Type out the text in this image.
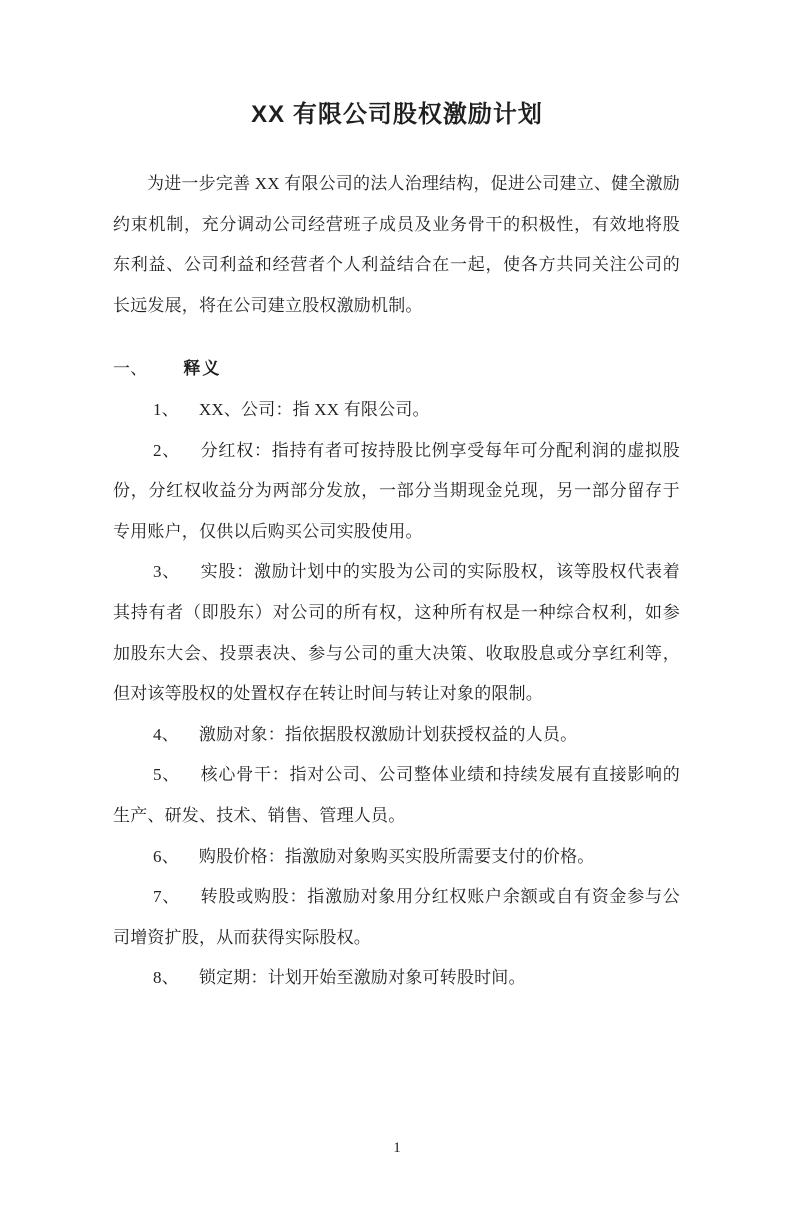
XX 有限公司股权激励计划

为进一步完善 XX 有限公司的法人治理结构，促进公司建立、健全激励约束机制，充分调动公司经营班子成员及业务骨干的积极性，有效地将股东利益、公司利益和经营者个人利益结合在一起，使各方共同关注公司的长远发展，将在公司建立股权激励机制。

一、 释义

1、 XX、公司：指 XX 有限公司。

2、 分红权：指持有者可按持股比例享受每年可分配利润的虚拟股份，分红权收益分为两部分发放，一部分当期现金兑现，另一部分留存于专用账户，仅供以后购买公司实股使用。

3、 实股：激励计划中的实股为公司的实际股权，该等股权代表着其持有者（即股东）对公司的所有权，这种所有权是一种综合权利，如参加股东大会、投票表决、参与公司的重大决策、收取股息或分享红利等，但对该等股权的处置权存在转让时间与转让对象的限制。

4、 激励对象：指依据股权激励计划获授权益的人员。

5、 核心骨干：指对公司、公司整体业绩和持续发展有直接影响的生产、研发、技术、销售、管理人员。

6、 购股价格：指激励对象购买实股所需要支付的价格。

7、 转股或购股：指激励对象用分红权账户余额或自有资金参与公司增资扩股，从而获得实际股权。

8、 锁定期：计划开始至激励对象可转股时间。

1
